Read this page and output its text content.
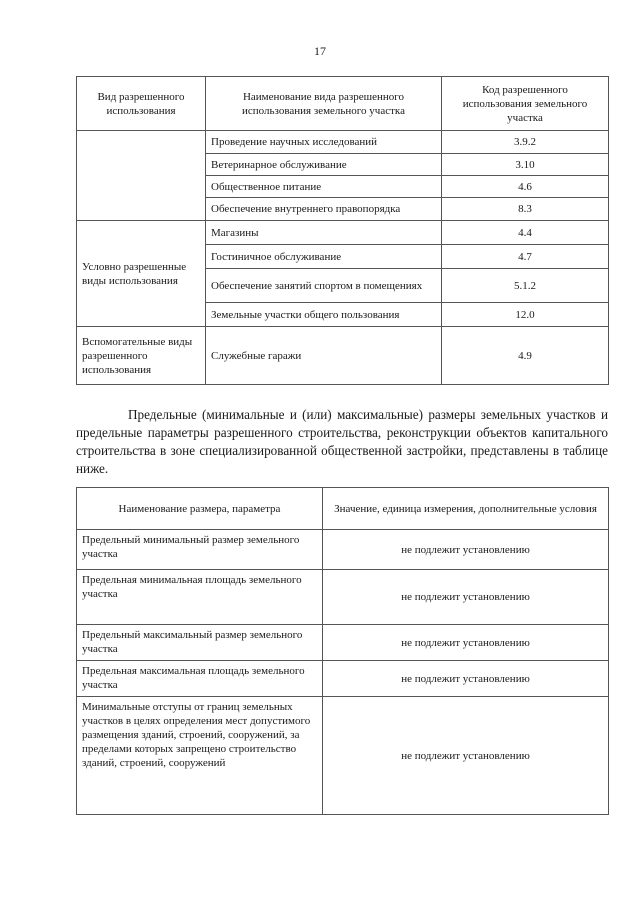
17
Вид разрешенного использования	Наименование вида разрешенного использования земельного участка	Код разрешенного использования земельного участка
	Проведение научных исследований	3.9.2
	Ветеринарное обслуживание	3.10
	Общественное питание	4.6
	Обеспечение внутреннего правопорядка	8.3
Условно разрешенные виды использования	Магазины	4.4
	Гостиничное обслуживание	4.7
	Обеспечение занятий спортом в помещениях	5.1.2
	Земельные участки общего пользования	12.0
Вспомогательные виды разрешенного использования	Служебные гаражи	4.9

Предельные (минимальные и (или) максимальные) размеры земельных участков и предельные параметры разрешенного строительства, реконструкции объектов капитального строительства в зоне специализированной общественной застройки, представлены в таблице ниже.

Наименование размера, параметра	Значение, единица измерения, дополнительные условия
Предельный минимальный размер земельного участка	не подлежит установлению
Предельная минимальная площадь земельного участка	не подлежит установлению
Предельный максимальный размер земельного участка	не подлежит установлению
Предельная максимальная площадь земельного участка	не подлежит установлению
Минимальные отступы от границ земельных участков в целях определения мест допустимого размещения зданий, строений, сооружений, за пределами которых запрещено строительство зданий, строений, сооружений	не подлежит установлению
